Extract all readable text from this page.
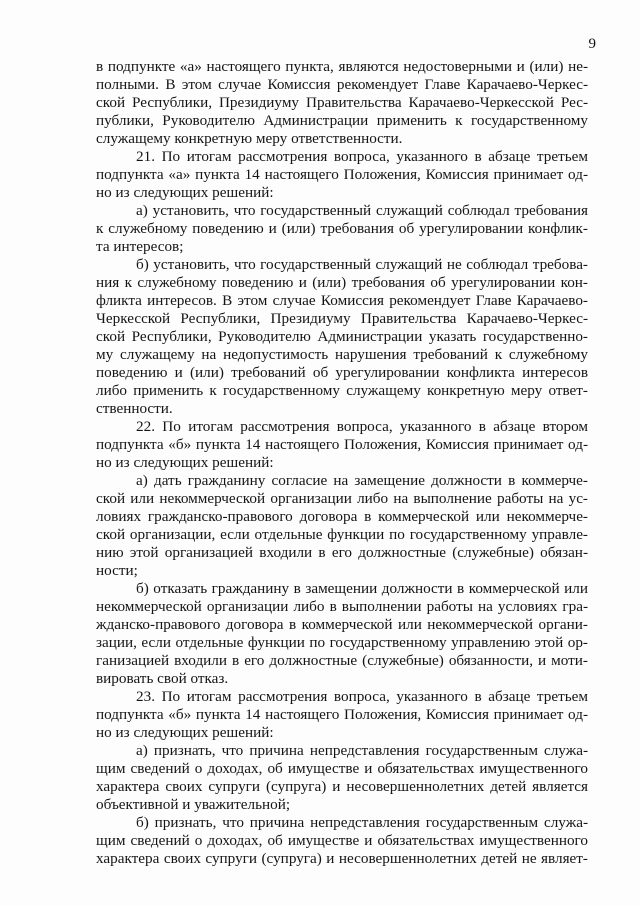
9
в подпункте «а» настоящего пункта, являются недостоверными и (или) не-
полными. В этом случае Комиссия рекомендует Главе Карачаево-Черкес-
ской Республики, Президиуму Правительства Карачаево-Черкесской Рес-
публики, Руководителю Администрации применить к государственному
служащему конкретную меру ответственности.
21. По итогам рассмотрения вопроса, указанного в абзаце третьем
подпункта «а» пункта 14 настоящего Положения, Комиссия принимает од-
но из следующих решений:
а) установить, что государственный служащий соблюдал требования
к служебному поведению и (или) требования об урегулировании конфлик-
та интересов;
б) установить, что государственный служащий не соблюдал требова-
ния к служебному поведению и (или) требования об урегулировании кон-
фликта интересов. В этом случае Комиссия рекомендует Главе Карачаево-
Черкесской Республики, Президиуму Правительства Карачаево-Черкес-
ской Республики, Руководителю Администрации указать государственно-
му служащему на недопустимость нарушения требований к служебному
поведению и (или) требований об урегулировании конфликта интересов
либо применить к государственному служащему конкретную меру ответ-
ственности.
22. По итогам рассмотрения вопроса, указанного в абзаце втором
подпункта «б» пункта 14 настоящего Положения, Комиссия принимает од-
но из следующих решений:
а) дать гражданину согласие на замещение должности в коммерче-
ской или некоммерческой организации либо на выполнение работы на ус-
ловиях гражданско-правового договора в коммерческой или некоммерче-
ской организации, если отдельные функции по государственному управле-
нию этой организацией входили в его должностные (служебные) обязан-
ности;
б) отказать гражданину в замещении должности в коммерческой или
некоммерческой организации либо в выполнении работы на условиях гра-
жданско-правового договора в коммерческой или некоммерческой органи-
зации, если отдельные функции по государственному управлению этой ор-
ганизацией входили в его должностные (служебные) обязанности, и моти-
вировать свой отказ.
23. По итогам рассмотрения вопроса, указанного в абзаце третьем
подпункта «б» пункта 14 настоящего Положения, Комиссия принимает од-
но из следующих решений:
а) признать, что причина непредставления государственным служа-
щим сведений о доходах, об имуществе и обязательствах имущественного
характера своих супруги (супруга) и несовершеннолетних детей является
объективной и уважительной;
б) признать, что причина непредставления государственным служа-
щим сведений о доходах, об имуществе и обязательствах имущественного
характера своих супруги (супруга) и несовершеннолетних детей не являет-
